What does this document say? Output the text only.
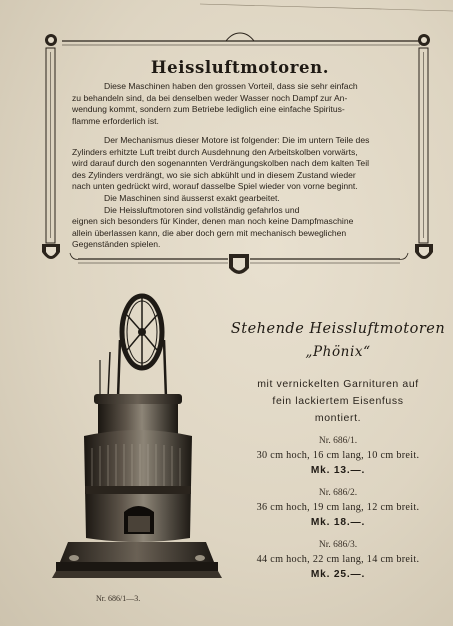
Heissluftmotoren.
Diese Maschinen haben den grossen Vorteil, dass sie sehr einfach
zu behandeln sind, da bei denselben weder Wasser noch Dampf zur An-
wendung kommt, sondern zum Betriebe lediglich eine einfache Spiritus-
flamme erforderlich ist.
Der Mechanismus dieser Motore ist folgender: Die im untern Teile des
Zylinders erhitzte Luft treibt durch Ausdehnung den Arbeitskolben vorwärts,
wird darauf durch den sogenannten Verdrängungskolben nach dem kalten Teil
des Zylinders verdrängt, wo sie sich abkühlt und in diesem Zustand wieder
nach unten gedrückt wird, worauf dasselbe Spiel wieder von vorne beginnt.
Die Maschinen sind äusserst exakt gearbeitet.
Die Heissluftmotoren sind vollständig gefahrlos und
eignen sich besonders für Kinder, denen man noch keine Dampfmaschine
allein überlassen kann, die aber doch gern mit mechanisch beweglichen
Gegenständen spielen.
Nr. 686/1—3.
Stehende Heissluftmotoren
„Phönix“
mit vernickelten Garnituren auf
fein lackiertem Eisenfuss
montiert.
Nr. 686/1.
30 cm hoch, 16 cm lang, 10 cm breit.
Mk. 13.—.
Nr. 686/2.
36 cm hoch, 19 cm lang, 12 cm breit.
Mk. 18.—.
Nr. 686/3.
44 cm hoch, 22 cm lang, 14 cm breit.
Mk. 25.—.
